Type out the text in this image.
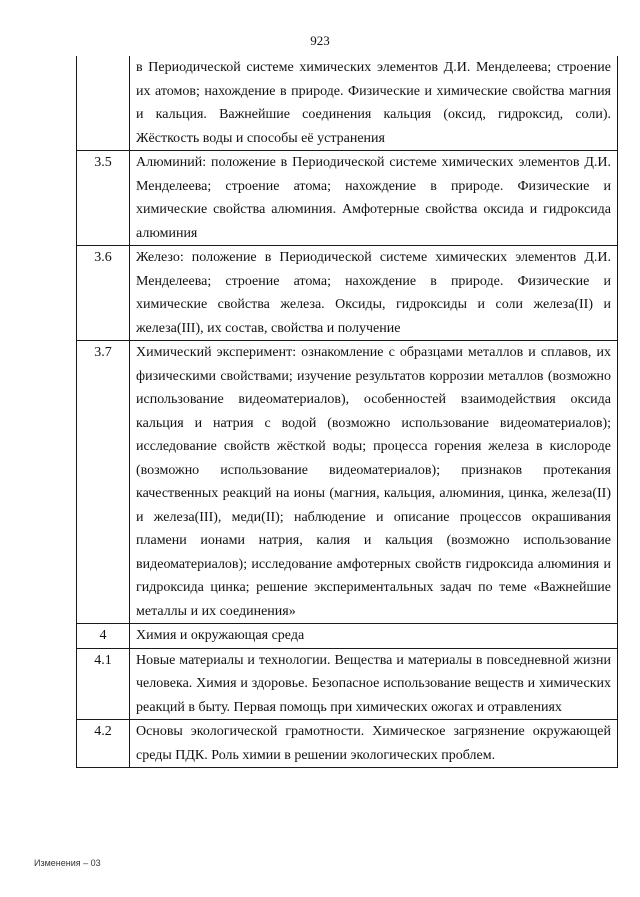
923
	в Периодической системе химических элементов Д.И. Менделеева; строение их атомов; нахождение в природе. Физические и химические свойства магния и кальция. Важнейшие соединения кальция (оксид, гидроксид, соли). Жёсткость воды и способы её устранения
3.5	Алюминий: положение в Периодической системе химических элементов Д.И. Менделеева; строение атома; нахождение в природе. Физические и химические свойства алюминия. Амфотерные свойства оксида и гидроксида алюминия
3.6	Железо: положение в Периодической системе химических элементов Д.И. Менделеева; строение атома; нахождение в природе. Физические и химические свойства железа. Оксиды, гидроксиды и соли железа(II) и железа(III), их состав, свойства и получение
3.7	Химический эксперимент: ознакомление с образцами металлов и сплавов, их физическими свойствами; изучение результатов коррозии металлов (возможно использование видеоматериалов), особенностей взаимодействия оксида кальция и натрия с водой (возможно использование видеоматериалов); исследование свойств жёсткой воды; процесса горения железа в кислороде (возможно использование видеоматериалов); признаков протекания качественных реакций на ионы (магния, кальция, алюминия, цинка, железа(II) и железа(III), меди(II); наблюдение и описание процессов окрашивания пламени ионами натрия, калия и кальция (возможно использование видеоматериалов); исследование амфотерных свойств гидроксида алюминия и гидроксида цинка; решение экспериментальных задач по теме «Важнейшие металлы и их соединения»
4	Химия и окружающая среда
4.1	Новые материалы и технологии. Вещества и материалы в повседневной жизни человека. Химия и здоровье. Безопасное использование веществ и химических реакций в быту. Первая помощь при химических ожогах и отравлениях
4.2	Основы экологической грамотности. Химическое загрязнение окружающей среды ПДК. Роль химии в решении экологических проблем.
Изменения – 03
